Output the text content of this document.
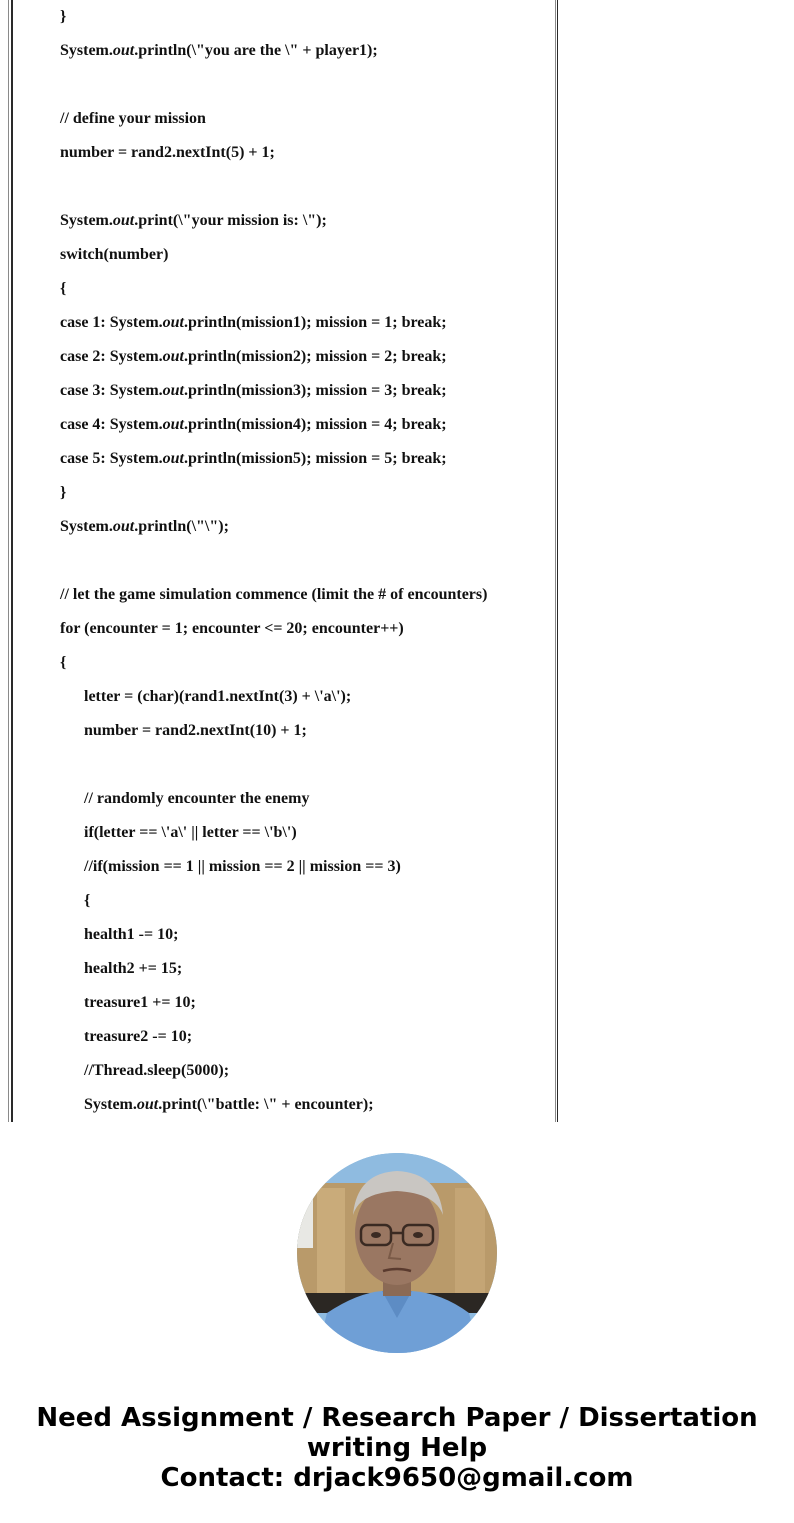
}
System.out.println(\"you are the \" + player1);
// define your mission
number = rand2.nextInt(5) + 1;
System.out.print(\"your mission is: \");
switch(number)
{
case 1: System.out.println(mission1); mission = 1; break;
case 2: System.out.println(mission2); mission = 2; break;
case 3: System.out.println(mission3); mission = 3; break;
case 4: System.out.println(mission4); mission = 4; break;
case 5: System.out.println(mission5); mission = 5; break;
}
System.out.println(\"\");
// let the game simulation commence (limit the # of encounters)
for (encounter = 1; encounter <= 20; encounter++)
{
letter = (char)(rand1.nextInt(3) + \'a\');
number = rand2.nextInt(10) + 1;
// randomly encounter the enemy
if(letter == \'a\' || letter == \'b\')
//if(mission == 1 || mission == 2 || mission == 3)
{
health1 -= 10;
health2 += 15;
treasure1 += 10;
treasure2 -= 10;
//Thread.sleep(5000);
System.out.print(\"battle: \" + encounter);
Need Assignment / Research Paper / Dissertation
writing Help
Contact: drjack9650@gmail.com
